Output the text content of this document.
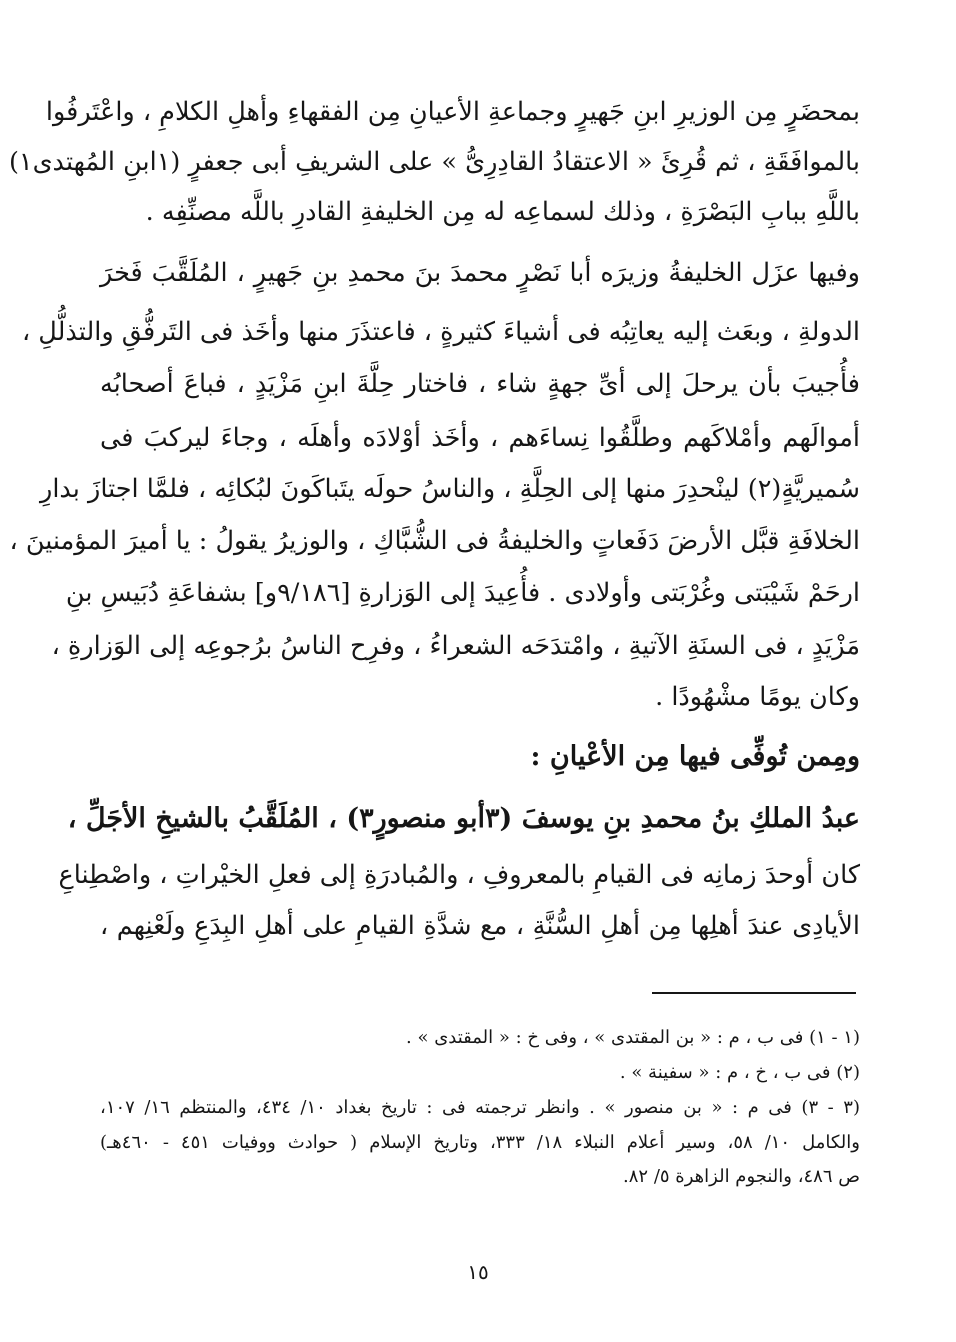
بمحضَرٍ مِن الوزيرِ ابنِ جَهيرٍ وجماعةِ الأعيانِ مِن الفقهاءِ وأهلِ الكلامِ ، واعْتَرفُوا
بالموافَقَةِ ، ثم قُرِئَ « الاعتقادُ القادِرِىُّ » على الشريفِ أبى جعفرٍ (١ابنِ المُهتدى١)
باللَّهِ ببابِ البَصْرَةِ ، وذلك لسماعِه له مِن الخليفةِ القادرِ باللَّه مصنِّفِه .
وفيها عزَل الخليفةُ وزيرَه أبا نَصْرٍ محمدَ بنَ محمدِ بنِ جَهيرٍ ، المُلَقَّبَ فَخرَ
الدولةِ ، وبعَث إليه يعاتِبُه فى أشياءَ كثيرةٍ ، فاعتذَرَ منها وأخَذ فى التَرفُّقِ والتذلُّلِ ،
فأُجيبَ بأن يرحلَ إلى أىِّ جهةٍ شاء ، فاختار حِلَّةَ ابنِ مَزْيَدٍ ، فباعَ أصحابُه
أموالَهم وأمْلاكَهم وطلَّقُوا نِساءَهم ، وأخَذ أوْلادَه وأهلَه ، وجاءَ ليركبَ فى
سُميريَّةٍ(٢) لينْحدِرَ منها إلى الحِلَّةِ ، والناسُ حولَه يتَباكَونَ لبُكائِه ، فلمَّا اجتازَ بدارِ
الخلافَةِ قبَّل الأرضَ دَفَعاتٍ والخليفةُ فى الشُّبَّاكِ ، والوزيرُ يقولُ : يا أميرَ المؤمنينَ ،
ارحَمْ شَيْبَتى وغُرْبَتى وأولادى . فأُعِيدَ إلى الوَزارةِ [٩/١٨٦و] بشفاعَةِ دُبَيسِ بنِ
مَزْيَدٍ ، فى السنَةِ الآتيةِ ، وامْتدَحَه الشعراءُ ، وفرِح الناسُ برُجوعِه إلى الوَزارةِ ،
وكان يومًا مشْهُودًا .
ومِمن تُوفِّى فيها مِن الأعْيانِ :
عبدُ الملكِ بنُ محمدِ بنِ يوسفَ (٣أبو منصورٍ٣) ، المُلَقَّبُ بالشيخِ الأجَلِّ ،
كان أوحدَ زمانِه فى القيامِ بالمعروفِ ، والمُبادرَةِ إلى فعلِ الخيْراتِ ، واصْطِناعِ
الأيادِى عندَ أهلِها مِن أهلِ السُّنَّةِ ، مع شدَّةِ القيامِ على أهلِ البِدَعِ ولَعْنِهم ،
(١ - ١) فى ب ، م : « بن المقتدى » ، وفى خ : « المقتدى » .
(٢) فى ب ، خ ، م : « سفينة » .
(٣ - ٣) فى م : « بن منصور » . وانظر ترجمته فى : تاريخ بغداد ١٠/ ٤٣٤، والمنتظم ١٦/ ١٠٧،
والكامل ١٠/ ٥٨، وسير أعلام النبلاء ١٨/ ٣٣٣، وتاريخ الإسلام ( حوادث ووفيات ٤٥١ - ٤٦٠هـ)
ص ٤٨٦، والنجوم الزاهرة ٥/ ٨٢.
١٥
